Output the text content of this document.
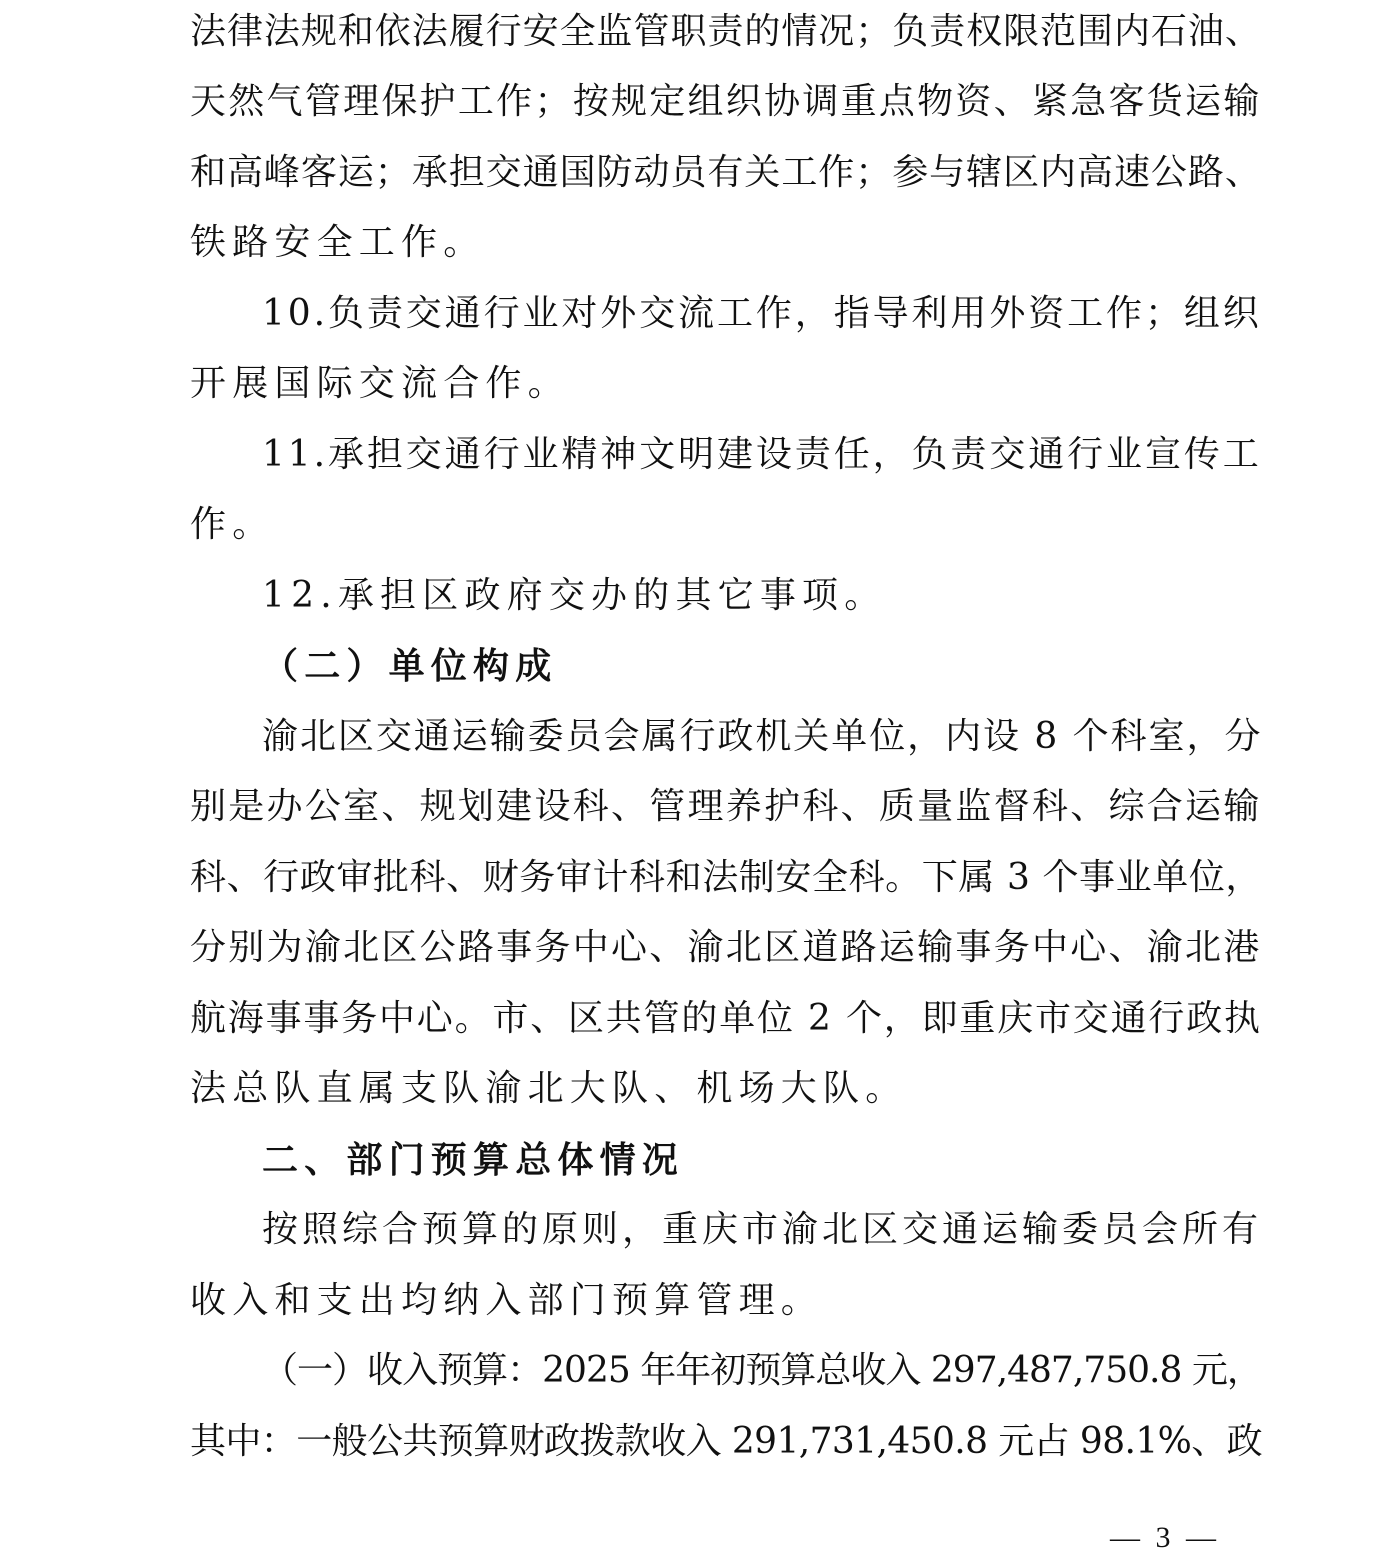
法律法规和依法履行安全监管职责的情况；负责权限范围内石油、
天然气管理保护工作；按规定组织协调重点物资、紧急客货运输
和高峰客运；承担交通国防动员有关工作；参与辖区内高速公路、
铁路安全工作。
10.负责交通行业对外交流工作，指导利用外资工作；组织
开展国际交流合作。
11.承担交通行业精神文明建设责任，负责交通行业宣传工
作。
12.承担区政府交办的其它事项。
（二）单位构成
渝北区交通运输委员会属行政机关单位，内设 8 个科室，分
别是办公室、规划建设科、管理养护科、质量监督科、综合运输
科、行政审批科、财务审计科和法制安全科。下属 3 个事业单位，
分别为渝北区公路事务中心、渝北区道路运输事务中心、渝北港
航海事事务中心。市、区共管的单位 2 个，即重庆市交通行政执
法总队直属支队渝北大队、机场大队。
二、部门预算总体情况
按照综合预算的原则，重庆市渝北区交通运输委员会所有
收入和支出均纳入部门预算管理。
（一）收入预算：2025 年年初预算总收入 297,487,750.8 元，
其中：一般公共预算财政拨款收入 291,731,450.8 元占 98.1%、政
— 3 —
